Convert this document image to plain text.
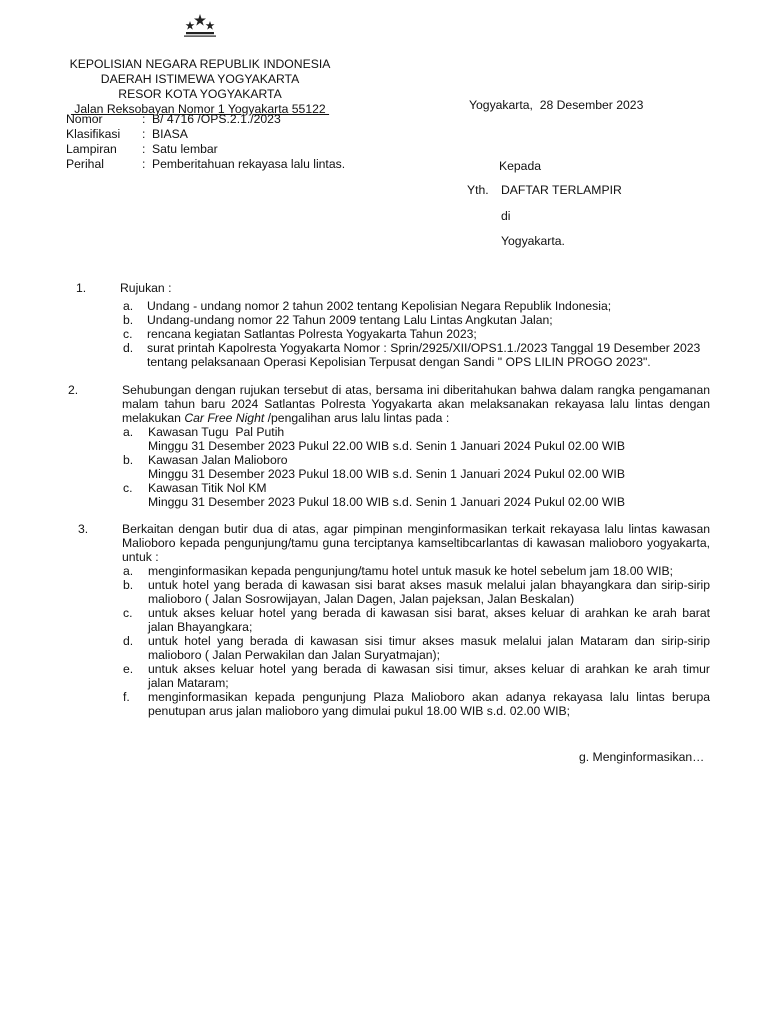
KEPOLISIAN NEGARA REPUBLIK INDONESIA
DAERAH ISTIMEWA YOGYAKARTA
RESOR KOTA YOGYAKARTA
Jalan Reksobayan Nomor 1 Yogyakarta 55122	Yogyakarta,  28 Desember 2023
Nomor	: B/ 4716 /OPS.2.1./2023
Klasifikasi : BIASA
Lampiran : Satu lembar
Perihal	: Pemberitahuan rekayasa lalu lintas.	Kepada
Yth. DAFTAR TERLAMPIR
di
Yogyakarta.
1.	Rujukan :
a. Undang - undang nomor 2 tahun 2002 tentang Kepolisian Negara Republik Indonesia;
b. Undang-undang nomor 22 Tahun 2009 tentang Lalu Lintas Angkutan Jalan;
c. rencana kegiatan Satlantas Polresta Yogyakarta Tahun 2023;
d. surat printah Kapolresta Yogyakarta Nomor : Sprin/2925/XII/OPS1.1./2023 Tanggal 19 Desember 2023
tentang pelaksanaan Operasi Kepolisian Terpusat dengan Sandi " OPS LILIN PROGO 2023".
2.	Sehubungan dengan rujukan tersebut di atas, bersama ini diberitahukan bahwa dalam rangka pengamanan
malam tahun baru 2024 Satlantas Polresta Yogyakarta akan melaksanakan rekayasa lalu lintas dengan
melakukan Car Free Night /pengalihan arus lalu lintas pada :
a. Kawasan Tugu  Pal Putih
Minggu 31 Desember 2023 Pukul 22.00 WIB s.d. Senin 1 Januari 2024 Pukul 02.00 WIB
b. Kawasan Jalan Malioboro
Minggu 31 Desember 2023 Pukul 18.00 WIB s.d. Senin 1 Januari 2024 Pukul 02.00 WIB
c. Kawasan Titik Nol KM
Minggu 31 Desember 2023 Pukul 18.00 WIB s.d. Senin 1 Januari 2024 Pukul 02.00 WIB
3.	Berkaitan dengan butir dua di atas, agar pimpinan menginformasikan terkait rekayasa lalu lintas kawasan
Malioboro kepada pengunjung/tamu guna terciptanya kamseltibcarlantas di kawasan malioboro yogyakarta,
untuk :
a. menginformasikan kepada pengunjung/tamu hotel untuk masuk ke hotel sebelum jam 18.00 WIB;
b. untuk hotel yang berada di kawasan sisi barat akses masuk melalui jalan bhayangkara dan sirip-sirip
malioboro ( Jalan Sosrowijayan, Jalan Dagen, Jalan pajeksan, Jalan Beskalan)
c. untuk akses keluar hotel yang berada di kawasan sisi barat, akses keluar di arahkan ke arah barat
jalan Bhayangkara;
d. untuk hotel yang berada di kawasan sisi timur akses masuk melalui jalan Mataram dan sirip-sirip
malioboro ( Jalan Perwakilan dan Jalan Suryatmajan);
e. untuk akses keluar hotel yang berada di kawasan sisi timur, akses keluar di arahkan ke arah timur
jalan Mataram;
f. menginformasikan kepada pengunjung Plaza Malioboro akan adanya rekayasa lalu lintas berupa
penutupan arus jalan malioboro yang dimulai pukul 18.00 WIB s.d. 02.00 WIB;
g. Menginformasikan…
